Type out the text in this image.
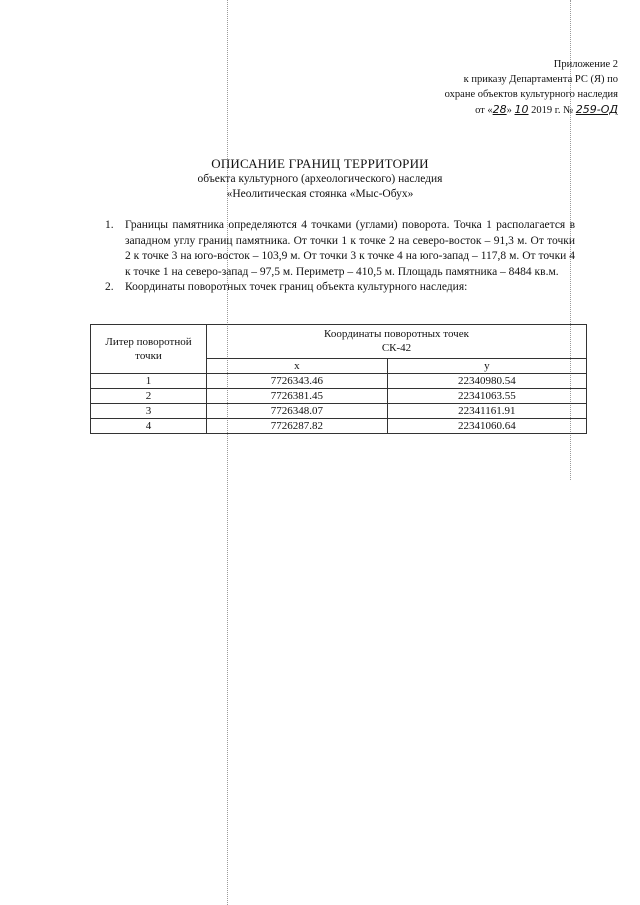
Приложение 2
к приказу Департамента РС (Я) по
охране объектов культурного наследия
от «28» 10 2019 г. № 259-ОД
ОПИСАНИЕ ГРАНИЦ ТЕРРИТОРИИ
объекта культурного (археологического) наследия
«Неолитическая стоянка «Мыс-Обух»
1. Границы памятника определяются 4 точками (углами) поворота. Точка 1 располагается в западном углу границ памятника. От точки 1 к точке 2 на северо-восток – 91,3 м. От точки 2 к точке 3 на юго-восток – 103,9 м. От точки 3 к точке 4 на юго-запад – 117,8 м. От точки 4 к точке 1 на северо-запад – 97,5 м. Периметр – 410,5 м. Площадь памятника – 8484 кв.м.
2. Координаты поворотных точек границ объекта культурного наследия:
Литер поворотной точки	Координаты поворотных точек
СК-42	

	x	y
1	7726343.46	22340980.54
2	7726381.45	22341063.55
3	7726348.07	22341161.91
4	7726287.82	22341060.64
